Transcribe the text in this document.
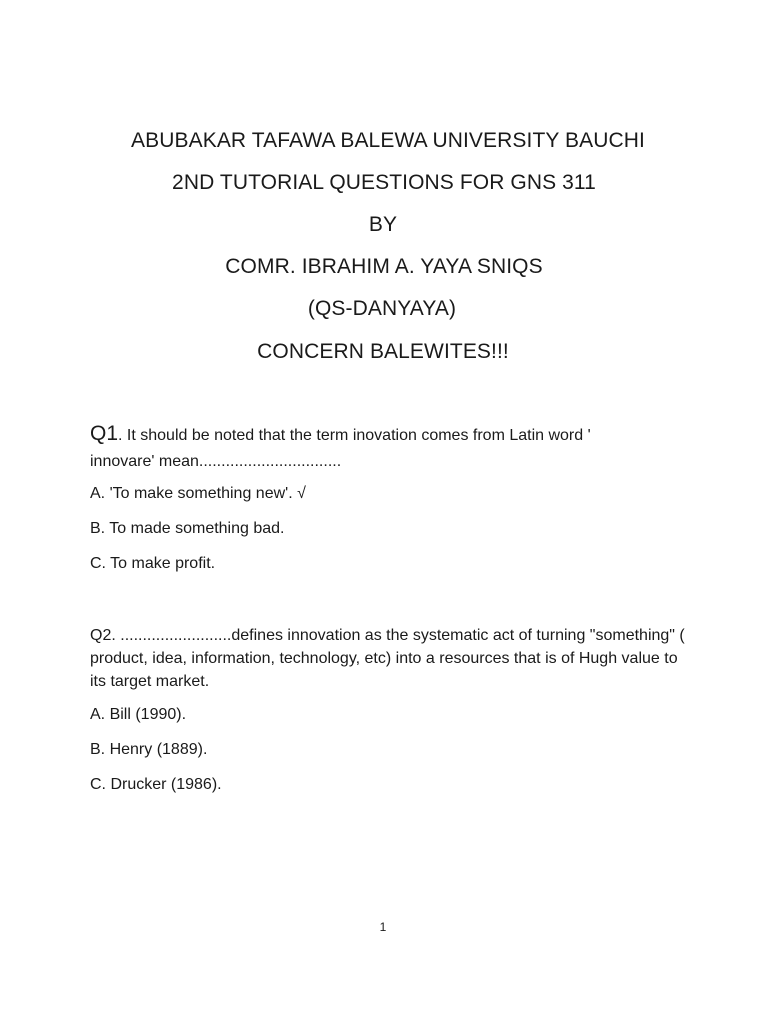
ABUBAKAR TAFAWA BALEWA UNIVERSITY BAUCHI
2ND TUTORIAL QUESTIONS FOR GNS 311
BY
COMR. IBRAHIM A. YAYA SNIQS
(QS-DANYAYA)
CONCERN BALEWITES!!!
Q1. It should be noted that the term inovation comes from Latin word '
innovare' mean................................
A. 'To make something new'. √
B. To made something bad.
C. To make profit.
Q2. .........................defines innovation as the systematic act of turning "something" ( product, idea, information, technology, etc) into a resources that is of Hugh value to its target market.
A. Bill (1990).
B. Henry (1889).
C. Drucker (1986).
1
